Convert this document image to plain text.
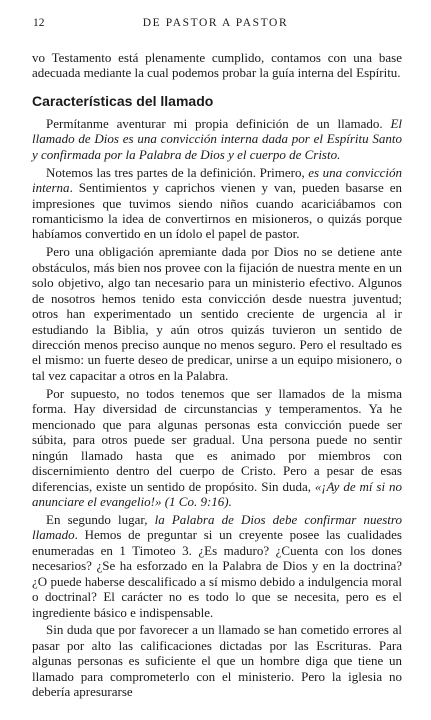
12	DE PASTOR A PASTOR

vo Testamento está plenamente cumplido, contamos con una base adecuada mediante la cual podemos probar la guía interna del Espíritu.

Características del llamado

Permítanme aventurar mi propia definición de un llamado. El llamado de Dios es una convicción interna dada por el Espíritu Santo y confirmada por la Palabra de Dios y el cuerpo de Cristo.

Notemos las tres partes de la definición. Primero, es una convicción interna. Sentimientos y caprichos vienen y van, pueden basarse en impresiones que tuvimos siendo niños cuando acariciábamos con romanticismo la idea de convertirnos en misioneros, o quizás porque habíamos convertido en un ídolo el papel de pastor.

Pero una obligación apremiante dada por Dios no se detiene ante obstáculos, más bien nos provee con la fijación de nuestra mente en un solo objetivo, algo tan necesario para un ministerio efectivo. Algunos de nosotros hemos tenido esta convicción desde nuestra juventud; otros han experimentado un sentido creciente de urgencia al ir estudiando la Biblia, y aún otros quizás tuvieron un sentido de dirección menos preciso aunque no menos seguro. Pero el resultado es el mismo: un fuerte deseo de predicar, unirse a un equipo misionero, o tal vez capacitar a otros en la Palabra.

Por supuesto, no todos tenemos que ser llamados de la misma forma. Hay diversidad de circunstancias y temperamentos. Ya he mencionado que para algunas personas esta convicción puede ser súbita, para otros puede ser gradual. Una persona puede no sentir ningún llamado hasta que es animado por miembros con discernimiento dentro del cuerpo de Cristo. Pero a pesar de esas diferencias, existe un sentido de propósito. Sin duda, «¡Ay de mí si no anunciare el evangelio!» (1 Co. 9:16).

En segundo lugar, la Palabra de Dios debe confirmar nuestro llamado. Hemos de preguntar si un creyente posee las cualidades enumeradas en 1 Timoteo 3. ¿Es maduro? ¿Cuenta con los dones necesarios? ¿Se ha esforzado en la Palabra de Dios y en la doctrina? ¿O puede haberse descalificado a sí mismo debido a indulgencia moral o doctrinal? El carácter no es todo lo que se necesita, pero es el ingrediente básico e indispensable.

Sin duda que por favorecer a un llamado se han cometido errores al pasar por alto las calificaciones dictadas por las Escrituras. Para algunas personas es suficiente el que un hombre diga que tiene un llamado para comprometerlo con el ministerio. Pero la iglesia no debería apresurarse
